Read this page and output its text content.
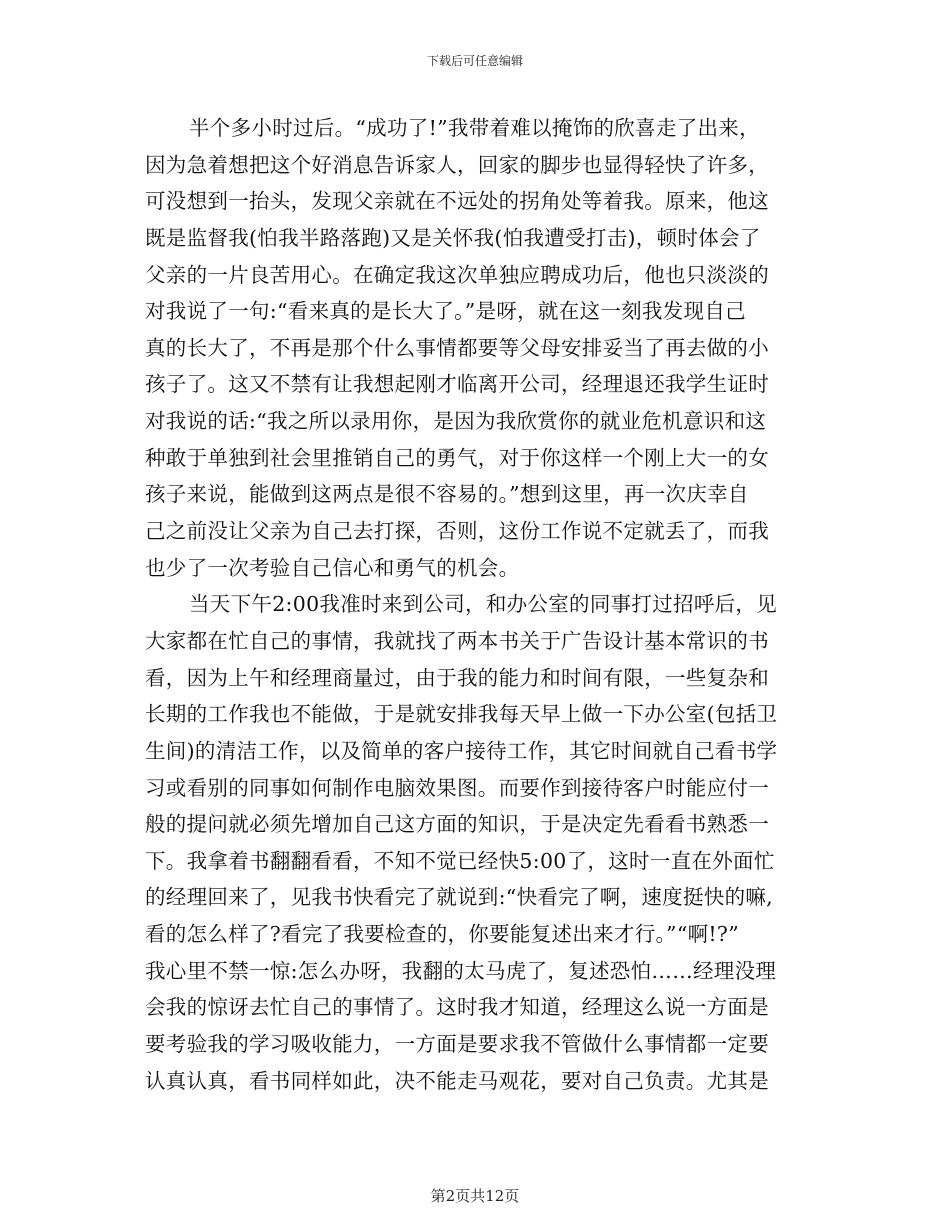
下载后可任意编辑
半个多小时过后。“成功了!”我带着难以掩饰的欣喜走了出来，
因为急着想把这个好消息告诉家人，回家的脚步也显得轻快了许多，
可没想到一抬头，发现父亲就在不远处的拐角处等着我。原来，他这
既是监督我(怕我半路落跑)又是关怀我(怕我遭受打击)，顿时体会了
父亲的一片良苦用心。在确定我这次单独应聘成功后，他也只淡淡的
对我说了一句:“看来真的是长大了。”是呀，就在这一刻我发现自己
真的长大了，不再是那个什么事情都要等父母安排妥当了再去做的小
孩子了。这又不禁有让我想起刚才临离开公司，经理退还我学生证时
对我说的话:“我之所以录用你，是因为我欣赏你的就业危机意识和这
种敢于单独到社会里推销自己的勇气，对于你这样一个刚上大一的女
孩子来说，能做到这两点是很不容易的。”想到这里，再一次庆幸自
己之前没让父亲为自己去打探，否则，这份工作说不定就丢了，而我
也少了一次考验自己信心和勇气的机会。
当天下午2:00我准时来到公司，和办公室的同事打过招呼后，见
大家都在忙自己的事情，我就找了两本书关于广告设计基本常识的书
看，因为上午和经理商量过，由于我的能力和时间有限，一些复杂和
长期的工作我也不能做，于是就安排我每天早上做一下办公室(包括卫
生间)的清洁工作，以及简单的客户接待工作，其它时间就自己看书学
习或看别的同事如何制作电脑效果图。而要作到接待客户时能应付一
般的提问就必须先增加自己这方面的知识，于是决定先看看书熟悉一
下。我拿着书翻翻看看，不知不觉已经快5:00了，这时一直在外面忙
的经理回来了，见我书快看完了就说到:“快看完了啊，速度挺快的嘛,
看的怎么样了?看完了我要检查的，你要能复述出来才行。”“啊!?”
我心里不禁一惊:怎么办呀，我翻的太马虎了，复述恐怕……经理没理
会我的惊讶去忙自己的事情了。这时我才知道，经理这么说一方面是
要考验我的学习吸收能力，一方面是要求我不管做什么事情都一定要
认真认真，看书同样如此，决不能走马观花，要对自己负责。尤其是
第2页共12页
